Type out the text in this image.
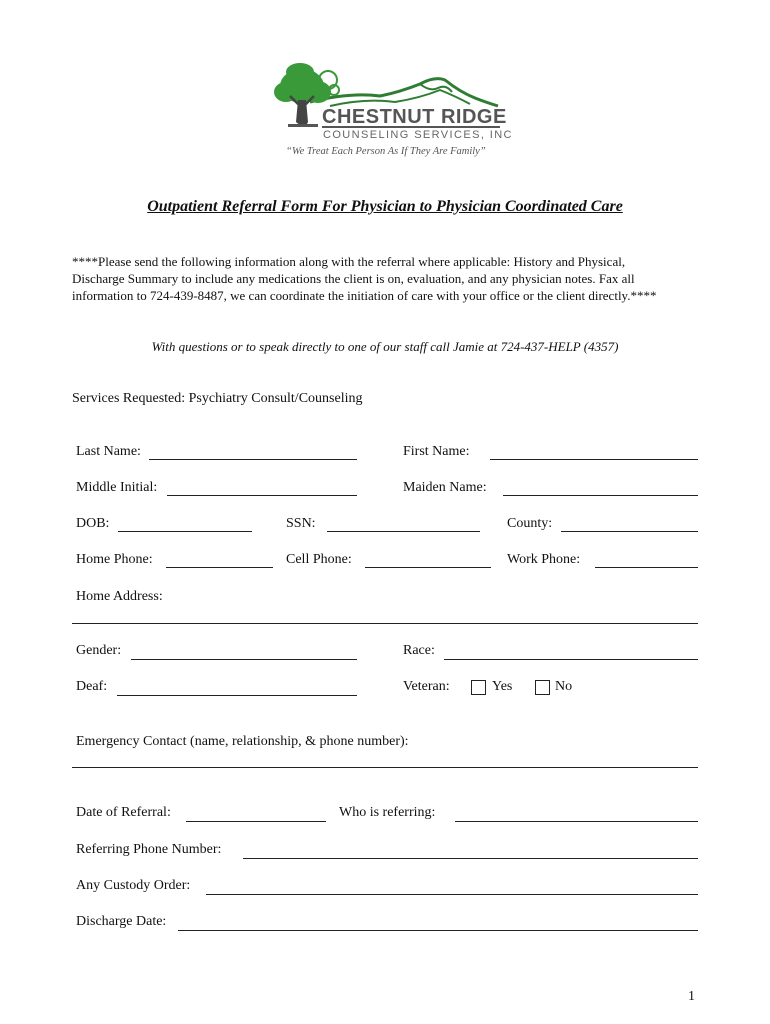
CHESTNUT RIDGE
COUNSELING SERVICES, INC
“We Treat Each Person As If They Are Family”
Outpatient Referral Form For Physician to Physician Coordinated Care
****Please send the following information along with the referral where applicable: History and Physical,
Discharge Summary to include any medications the client is on, evaluation, and any physician notes. Fax all
information to 724-439-8487, we can coordinate the initiation of care with your office or the client directly.****
With questions or to speak directly to one of our staff call Jamie at 724-437-HELP (4357)
Services Requested: Psychiatry Consult/Counseling
Last Name:	First Name:
Middle Initial:	Maiden Name:
DOB:	SSN:	County:
Home Phone:	Cell Phone:	Work Phone:
Home Address:
Gender:	Race:
Deaf:	Veteran:	Yes	No
Emergency Contact (name, relationship, & phone number):
Date of Referral:	Who is referring:
Referring Phone Number:
Any Custody Order:
Discharge Date:
1
